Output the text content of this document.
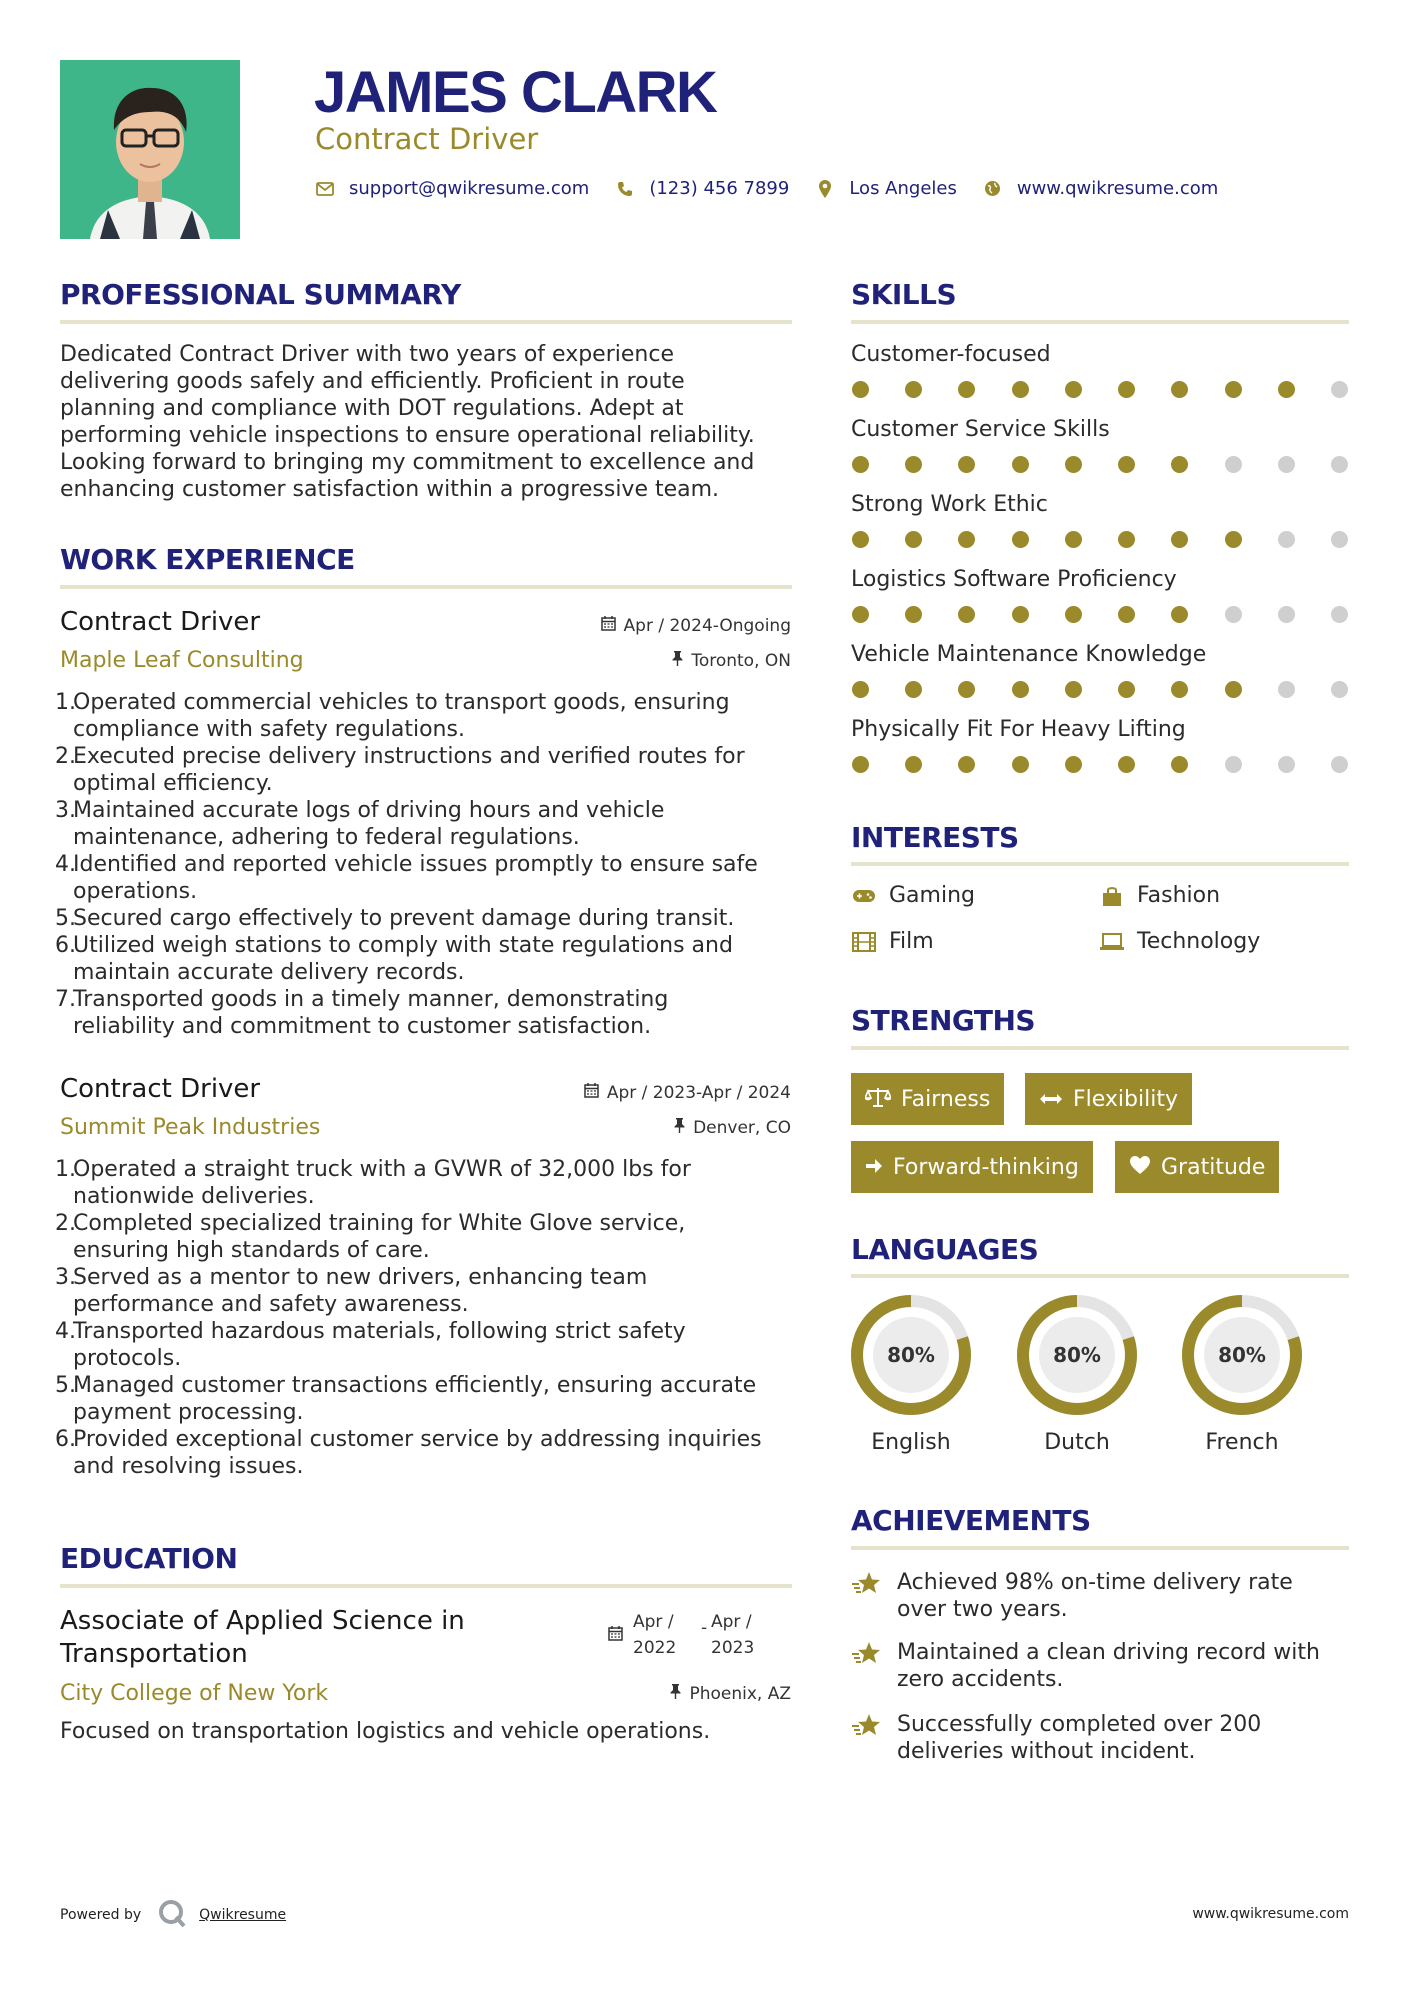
JAMES CLARK
Contract Driver
support@qwikresume.com	(123) 456 7899	Los Angeles	www.qwikresume.com
PROFESSIONAL SUMMARY
Dedicated Contract Driver with two years of experience
delivering goods safely and efficiently. Proficient in route
planning and compliance with DOT regulations. Adept at
performing vehicle inspections to ensure operational reliability.
Looking forward to bringing my commitment to excellence and
enhancing customer satisfaction within a progressive team.
WORK EXPERIENCE
Contract Driver	Apr / 2024-Ongoing
Maple Leaf Consulting	Toronto, ON
1.
Operated commercial vehicles to transport goods, ensuring
compliance with safety regulations.
2.
Executed precise delivery instructions and verified routes for
optimal efficiency.
3.
Maintained accurate logs of driving hours and vehicle
maintenance, adhering to federal regulations.
4.
Identified and reported vehicle issues promptly to ensure safe
operations.
5.
Secured cargo effectively to prevent damage during transit.
6.
Utilized weigh stations to comply with state regulations and
maintain accurate delivery records.
7.
Transported goods in a timely manner, demonstrating
reliability and commitment to customer satisfaction.
Contract Driver	Apr / 2023-Apr / 2024
Summit Peak Industries	Denver, CO
1.
Operated a straight truck with a GVWR of 32,000 lbs for
nationwide deliveries.
2.
Completed specialized training for White Glove service,
ensuring high standards of care.
3.
Served as a mentor to new drivers, enhancing team
performance and safety awareness.
4.
Transported hazardous materials, following strict safety
protocols.
5.
Managed customer transactions efficiently, ensuring accurate
payment processing.
6.
Provided exceptional customer service by addressing inquiries
and resolving issues.
EDUCATION
Associate of Applied Science in
Transportation
Apr /
2022
- Apr /
2023
City College of New York	Phoenix, AZ
Focused on transportation logistics and vehicle operations.
SKILLS
Customer-focused
Customer Service Skills
Strong Work Ethic
Logistics Software Proficiency
Vehicle Maintenance Knowledge
Physically Fit For Heavy Lifting
INTERESTS
Gaming	Fashion
Film	Technology
STRENGTHS
Fairness	Flexibility
Forward-thinking	Gratitude
LANGUAGES
80%
English
80%
Dutch
80%
French
ACHIEVEMENTS
Achieved 98% on-time delivery rate
over two years.
Maintained a clean driving record with
zero accidents.
Successfully completed over 200
deliveries without incident.
Powered by	Qwikresume	www.qwikresume.com
